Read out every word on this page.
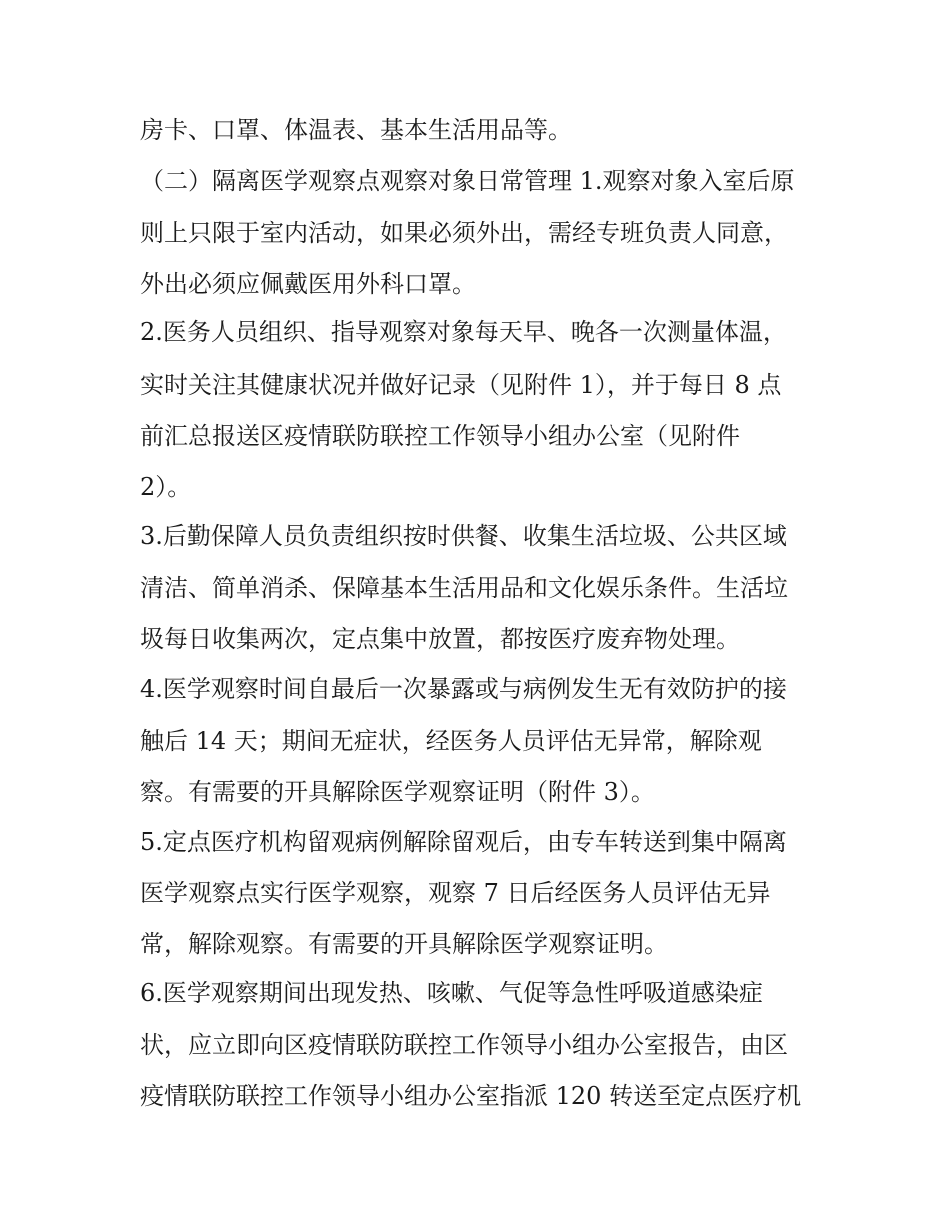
房卡、口罩、体温表、基本生活用品等。
（二）隔离医学观察点观察对象日常管理 1.观察对象入室后原
则上只限于室内活动，如果必须外出，需经专班负责人同意，
外出必须应佩戴医用外科口罩。
2.医务人员组织、指导观察对象每天早、晚各一次测量体温，
实时关注其健康状况并做好记录（见附件 1），并于每日 8 点
前汇总报送区疫情联防联控工作领导小组办公室（见附件
2）。
3.后勤保障人员负责组织按时供餐、收集生活垃圾、公共区域
清洁、简单消杀、保障基本生活用品和文化娱乐条件。生活垃
圾每日收集两次，定点集中放置，都按医疗废弃物处理。
4.医学观察时间自最后一次暴露或与病例发生无有效防护的接
触后 14 天；期间无症状，经医务人员评估无异常，解除观
察。有需要的开具解除医学观察证明（附件 3）。
5.定点医疗机构留观病例解除留观后，由专车转送到集中隔离
医学观察点实行医学观察，观察 7 日后经医务人员评估无异
常，解除观察。有需要的开具解除医学观察证明。
6.医学观察期间出现发热、咳嗽、气促等急性呼吸道感染症
状，应立即向区疫情联防联控工作领导小组办公室报告，由区
疫情联防联控工作领导小组办公室指派 120 转送至定点医疗机
